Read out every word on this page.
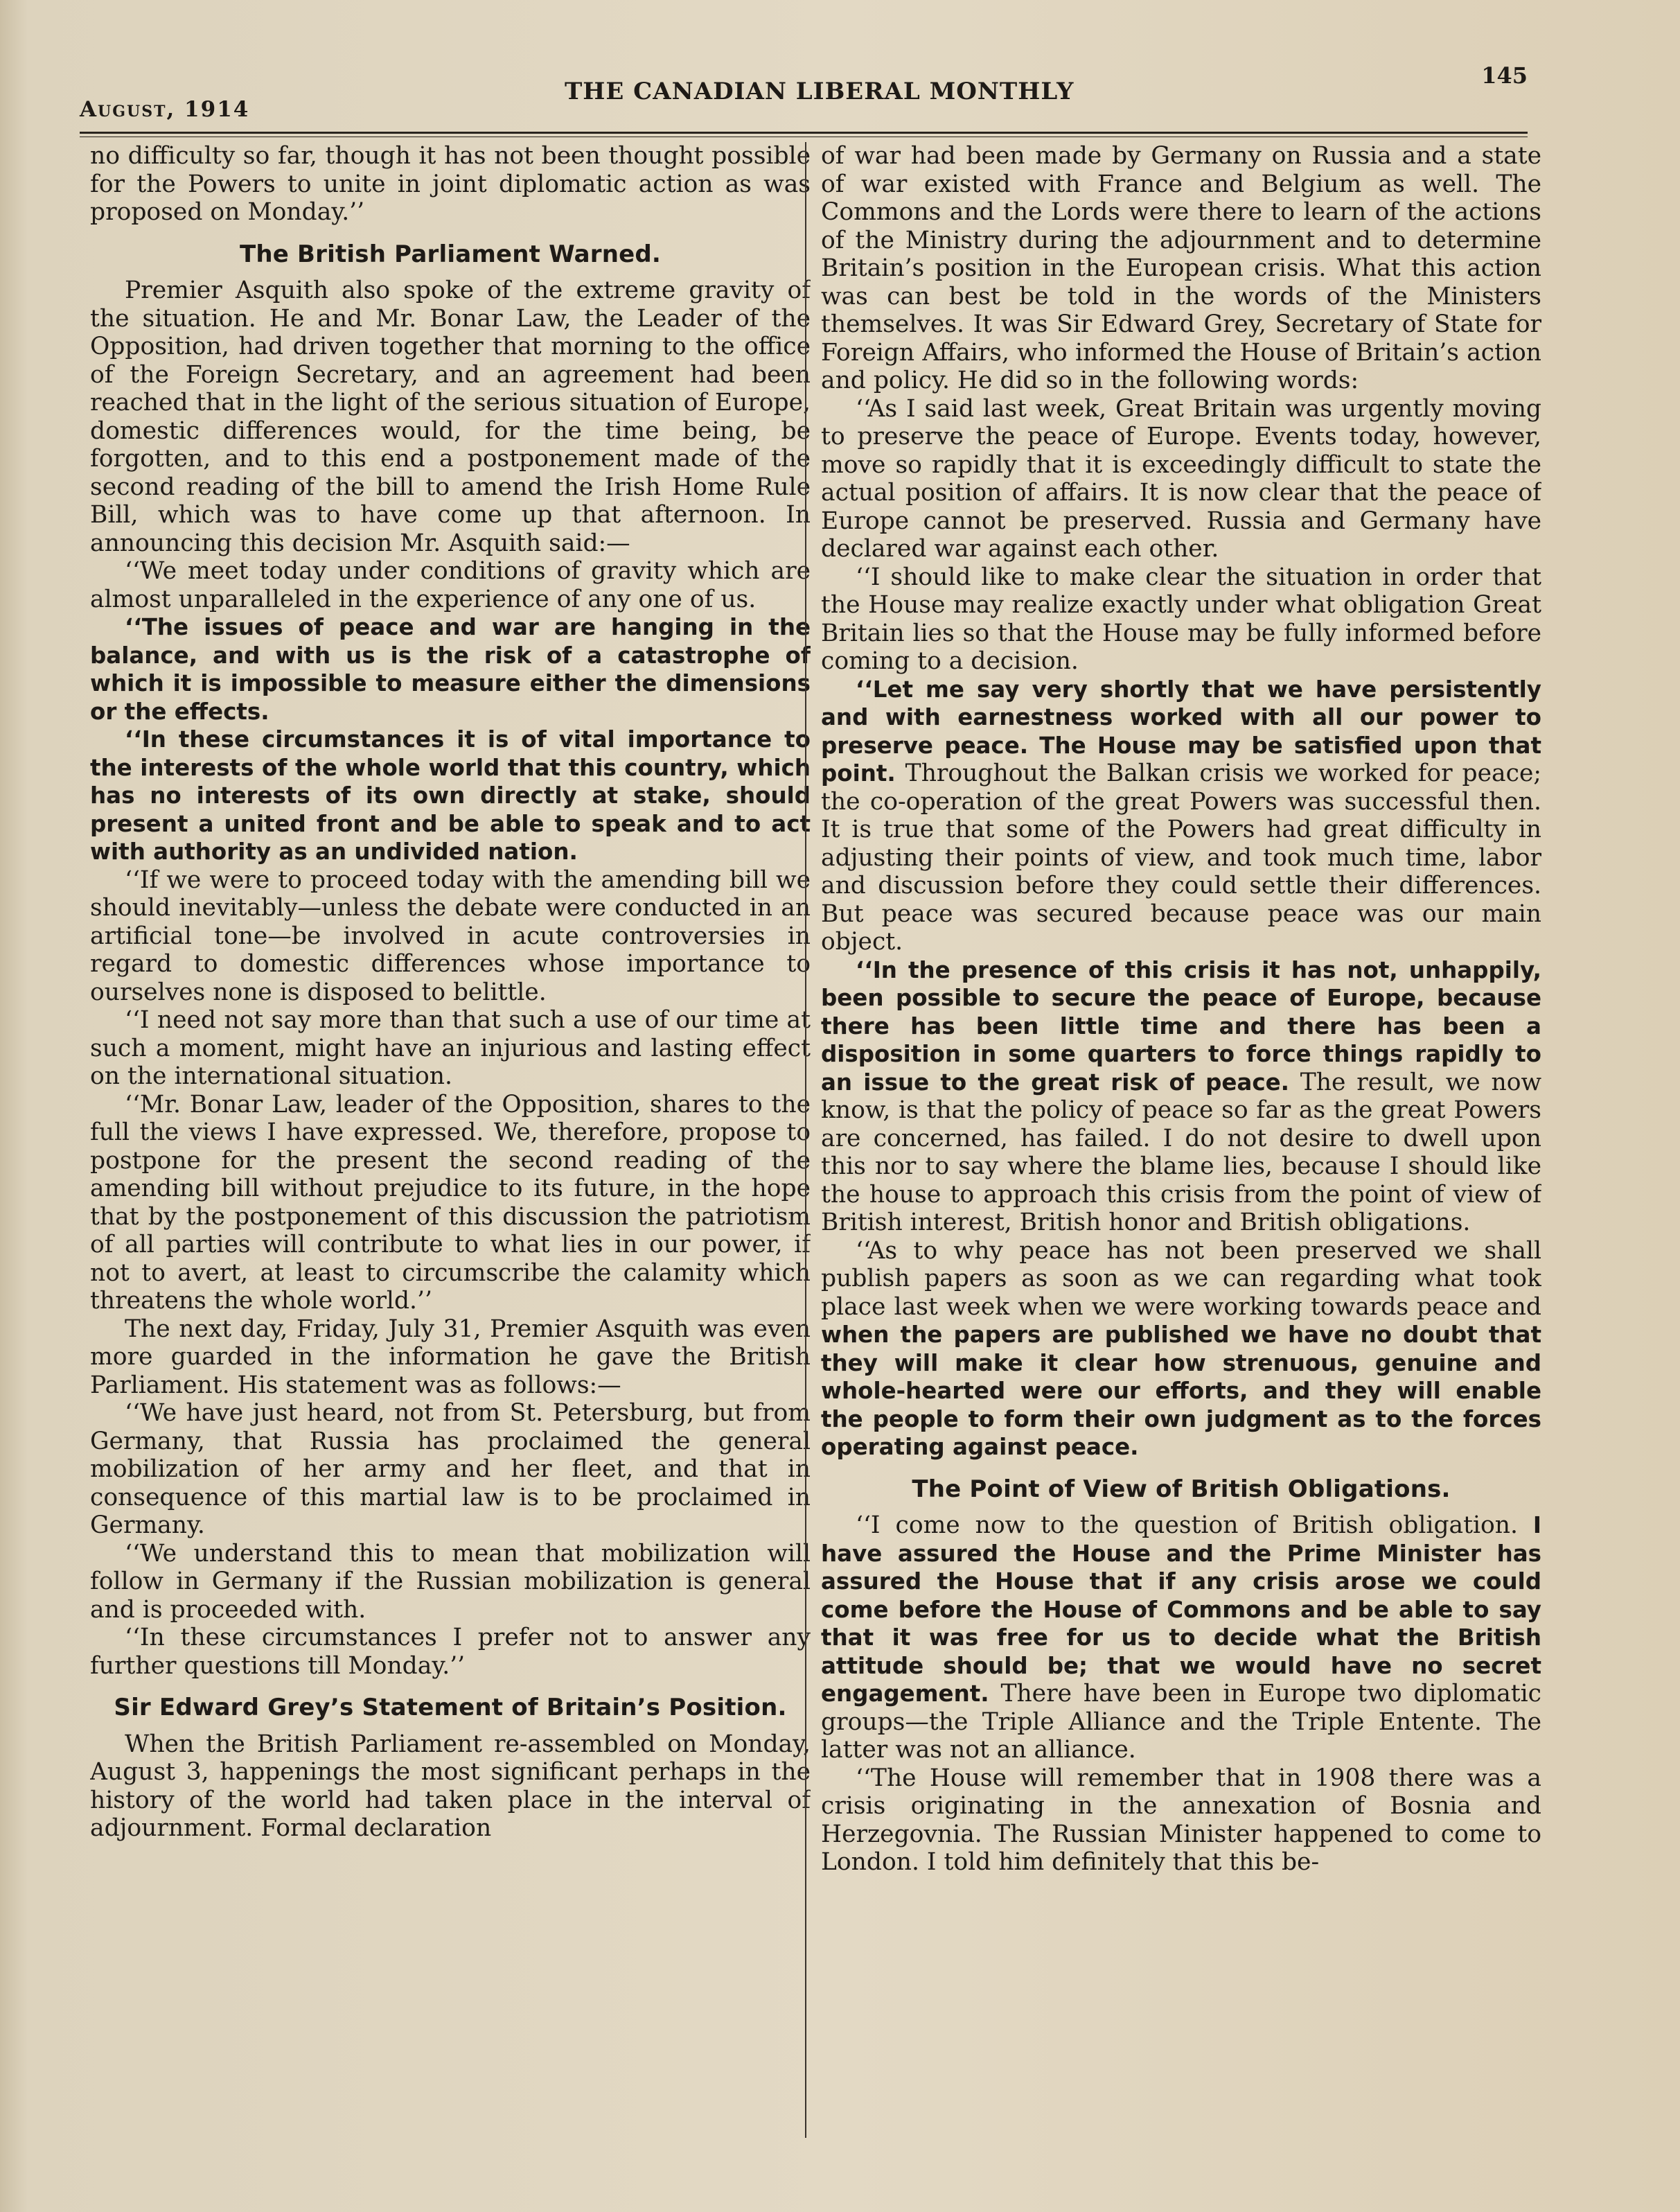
August, 1914
THE CANADIAN LIBERAL MONTHLY
145

no difficulty so far, though it has not been thought possible for the Powers to unite in joint diplomatic action as was proposed on Monday.’’

The British Parliament Warned.

Premier Asquith also spoke of the extreme gravity of the situation. He and Mr. Bonar Law, the Leader of the Opposition, had driven together that morning to the office of the Foreign Secretary, and an agreement had been reached that in the light of the serious situation of Europe, domestic differences would, for the time being, be forgotten, and to this end a postponement made of the second reading of the bill to amend the Irish Home Rule Bill, which was to have come up that afternoon. In announcing this decision Mr. Asquith said:—

‘‘We meet today under conditions of gravity which are almost unparalleled in the experience of any one of us.

‘‘The issues of peace and war are hanging in the balance, and with us is the risk of a catastrophe of which it is impossible to measure either the dimensions or the effects.

‘‘In these circumstances it is of vital importance to the interests of the whole world that this country, which has no interests of its own directly at stake, should present a united front and be able to speak and to act with authority as an undivided nation.

‘‘If we were to proceed today with the amending bill we should inevitably—unless the debate were conducted in an artificial tone—be involved in acute controversies in regard to domestic differences whose importance to ourselves none is disposed to belittle.

‘‘I need not say more than that such a use of our time at such a moment, might have an injurious and lasting effect on the international situation.

‘‘Mr. Bonar Law, leader of the Opposition, shares to the full the views I have expressed. We, therefore, propose to postpone for the present the second reading of the amending bill without prejudice to its future, in the hope that by the postponement of this discussion the patriotism of all parties will contribute to what lies in our power, if not to avert, at least to circumscribe the calamity which threatens the whole world.’’

The next day, Friday, July 31, Premier Asquith was even more guarded in the information he gave the British Parliament. His statement was as follows:—

‘‘We have just heard, not from St. Petersburg, but from Germany, that Russia has proclaimed the general mobilization of her army and her fleet, and that in consequence of this martial law is to be proclaimed in Germany.

‘‘We understand this to mean that mobilization will follow in Germany if the Russian mobilization is general and is proceeded with.

‘‘In these circumstances I prefer not to answer any further questions till Monday.’’

Sir Edward Grey’s Statement of Britain’s Position.

When the British Parliament re-assembled on Monday, August 3, happenings the most significant perhaps in the history of the world had taken place in the interval of adjournment. Formal declaration

of war had been made by Germany on Russia and a state of war existed with France and Belgium as well. The Commons and the Lords were there to learn of the actions of the Ministry during the adjournment and to determine Britain’s position in the European crisis. What this action was can best be told in the words of the Ministers themselves. It was Sir Edward Grey, Secretary of State for Foreign Affairs, who informed the House of Britain’s action and policy. He did so in the following words:

‘‘As I said last week, Great Britain was urgently moving to preserve the peace of Europe. Events today, however, move so rapidly that it is exceedingly difficult to state the actual position of affairs. It is now clear that the peace of Europe cannot be preserved. Russia and Germany have declared war against each other.

‘‘I should like to make clear the situation in order that the House may realize exactly under what obligation Great Britain lies so that the House may be fully informed before coming to a decision.

‘‘Let me say very shortly that we have persistently and with earnestness worked with all our power to preserve peace. The House may be satisfied upon that point. Throughout the Balkan crisis we worked for peace; the co-operation of the great Powers was successful then. It is true that some of the Powers had great difficulty in adjusting their points of view, and took much time, labor and discussion before they could settle their differences. But peace was secured because peace was our main object.

‘‘In the presence of this crisis it has not, unhappily, been possible to secure the peace of Europe, because there has been little time and there has been a disposition in some quarters to force things rapidly to an issue to the great risk of peace. The result, we now know, is that the policy of peace so far as the great Powers are concerned, has failed. I do not desire to dwell upon this nor to say where the blame lies, because I should like the house to approach this crisis from the point of view of British interest, British honor and British obligations.

‘‘As to why peace has not been preserved we shall publish papers as soon as we can regarding what took place last week when we were working towards peace and when the papers are published we have no doubt that they will make it clear how strenuous, genuine and whole-hearted were our efforts, and they will enable the people to form their own judgment as to the forces operating against peace.

The Point of View of British Obligations.

‘‘I come now to the question of British obligation. I have assured the House and the Prime Minister has assured the House that if any crisis arose we could come before the House of Commons and be able to say that it was free for us to decide what the British attitude should be; that we would have no secret engagement. There have been in Europe two diplomatic groups—the Triple Alliance and the Triple Entente. The latter was not an alliance.

‘‘The House will remember that in 1908 there was a crisis originating in the annexation of Bosnia and Herzegovnia. The Russian Minister happened to come to London. I told him definitely that this be-
